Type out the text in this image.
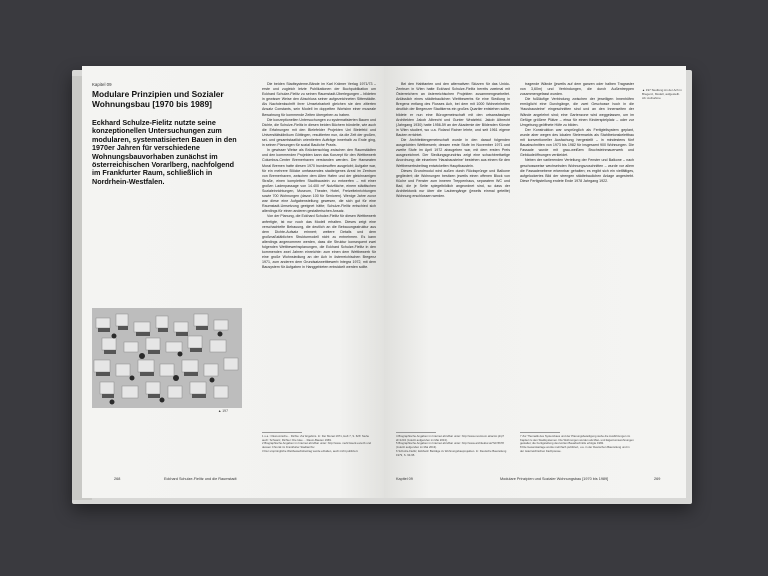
Kapitel 09
Modulare Prinzipien und Sozialer Wohnungsbau [1970 bis 1989]
Eckhard Schulze-Fielitz nutzte seine konzeptionellen Untersuchungen zum modularen, systematisierten Bauen in den 1970er Jahren für verschiedene Wohnungsbauvorhaben zunächst im österreichischen Vorarlberg, nachfolgend im Frankfurter Raum, schließlich in Nordrhein-Westfalen.
▲ 197

Die beiden Stadtsysteme-Bände im Karl Krämer Verlag 1971/73 – erste und zugleich letzte Publikationen der Buchpublikation um Eckhard Schulze-Fielitz zu seinen Raumstadt-Überlegungen – bildeten in gewisser Weise den Abschluss seiner aufgezeichneten Sitterstädte. Als Nachdenkschrift ihrer Umsetzbarkeit gleichen sie den zitierten Ansatz Constants, sein Modell im doppelten Wortsinn einer museale Bewahrung für kommende Zeiten übergeben zu haben.

Die konzeptionellen Untersuchungen zu systematisierten Bauen und Dichte, die Schulze-Fielitz in diesen beiden Büchern bündelte, wie auch die Erfahrungen mit den Bielefelder Projekten Uni Bielefeld und Universitätsklinikum Göttingen, resultierten nun, da die Zeit der großen, sei- und gesamtstaatlich orientierten Aufträge innerhalb zu Ende ging, in seinen Planungen für sozial Bauliche Praxis.

In gewisser Weise als Brückenschlag zwischen den Raumstädten und den kommenden Projekten kann das Konzept für den Wettbewerb Columbus-Center Bremerhaven verstanden werden. Der Hanseaten Moral Bremen hatte diesen 1970 bundesoffen ausgelobt; Aufgabe war, für ein mehrere Blöcke umfassendes stadteigenes Areal im Zentrum von Bremerhaven, zwischen dem Alten Hafen und der gleichnamigen Straße, einen kompletten Stadtbaustein zu entwerfen – mit einer großen Ladenpassage von 14.400 m² Nutzfläche, einem städtischen Sozialeinrichtungen, Museum, Theater, Hotel, Freizeiteinrichtungen sowie 700 Wohnungen (davon 100 für Senioren). Wenige Jahre zuvor war diese eine Aufgabenstellung gewesen, die sich gut für eine Raumstadt-Umsetzung geeignet hätte; Schulze-Fielitz entschied sich allerdings für einen anderen gestalterischen Ansatz.

Von der Planung, die Eckhard Schulze-Fielitz für diesen Wettbewerb anfertigte, ist nur noch das Modell erhalten. Dieses zeigt eine verschachtelte Bebauung, die deutlich an die Bebauungsstruktur aus dem Dichte-Aufsatz erinnert; weitere Details und dem großmaßstäblichen Strukturmodell nicht zu entnehmen. Es kann allerdings angenommen werden, dass die Struktur konsequent zwei folgenden Wettbewerbsplanungen, die Eckhard Schulze-Fielitz in den kommenden zwei Jahren einreichte: zum einen dem Wettbewerb für eine große Wohnsiedlung an der Ach in österreichischen Bregenz 1971, zum anderen dem Grundsatzwettbewerb Integra 1972, mit dem Bausystem für Aufgaben in Hanggebieten entwickelt werden sollte.

1 u.a.: Ökonomische... Dichte: Zur Ergebnis. In: Der Monat 1971, Heft 7, S. 62ff. Siehe auch: Schwarz, Richter: Die Idee ... Raum-Bauten 1969.

2 Biographische Angaben im Internet abrufbar unter: http://www. mehrzweck.eu/ezb und dessen Chronik im Frankfurter Stadtarchiv.

3 Der ursprüngliche Wettbewerbsbeitrag wurde erhalten, auch nicht publiziert.

268	Eckhard Schulze-Fielitz und die Raumstadt

Bei den Habitanten und den alternativen Skizzen für das Unido-Zentrum in Wien hatte Eckhard Schulze-Fielitz bereits zweimal mit Österreichern an österreichischen Projekten zusammengearbeitet. Anlässlich eines städtebaulichen Wettbewerbs für eine Siedlung in Bregenz entlang des Flusses Ach, bei dem mit 1000 Wohneinheiten deutlich der Bregenzer Stadtkerns ein großes Quartier entstehen sollte, bildete er nun eine Bürogemeinschaft mit den ortsansässigen Architekten Jakob Albrecht und Gunter Wratzfeld. Jakob Albrecht (Jahrgang 1930) hatte 1956-59 an der Akademie der Bildenden Künste in Wien studiert, wo u.a. Roland Rainer lehrte, und seit 1961 eigene Bauten errichtet.

Die Architektengemeinschaft wurde in den darauf folgenden ausgelobten Wettbewerb; dessen erste Stufe im November 1971 und zweite Stufe im April 1972 abzugeben war, mit dem ersten Preis ausgezeichnet. Der Siedlungsgrundriss zeigt eine schachbrettartige Anordnung; die einzelnen 'Hausbausteine' bestehen aus einem für den Wettbewerbsbeitrag entwickelten Hauptbaustein.

Dieses Grundmodul wird außen durch Rücksprünge und Balkone gegliedert; die Wohnungen besitzen jeweils einen offenen Block von Küche und Fenster zum inneren Treppenhaus, separatem WC und Bad, die je Seite spiegelbildlich angeordnet sind, so dass der Architektonik nur über die Laubengänge (jeweils einmal geteilte) Wohnung erschlossen werden.

tragende Wände (jeweils auf dem ganzen oder halben Tragraster von 3,60m) und Verbindungen, die durch Außentreppen zusammengefasst wurden.

Die fußläufige Verbindung zwischen der jeweiligen Innenhöfen ermöglicht eine Durchgänge, die zwei Geschosse hoch in die 'Hausbausteine' eingeschnitten sind und an den Innenseiten der Wände angelehnt sind; eine Gartenzone wird weggelassen, um im Gefüge größere Plätze – etwa für einen Kinderspielplatz – oder zur Umgebung geöffnete Höfe zu bilden.

Der Konstruktion war ursprünglich als Fertigteilsystem geplant, wurde aber wegen des lokalen Steiermarkts als Stahlbetonskelettbau mit konventioneller Ausfachung hergestellt – in mindestens fünf Bauabschnitten von 1973 bis 1982 für insgesamt 900 Wohnungen. Die Fassade wurde mit grau-weißem Bruchsteinmauerwerk und Gebäudeöffnungen verkleidet.

Neben der variierenden Verteilung der Fenster und Balkone – nach geschossweise wechselnden Wohnungszuschnitten – wurde vor allem die Fassadenebene erkennbar gehalten; es ergibt sich ein vielfältiges, aufgelockertes Bild der strengen städtebaulichen Anlage angestrebt. Diese Fertigstellung endete Ende 1978 Jahrgang 1922.

▲ 197 Siedlung An der Ach in Bregenz, Modell, aufgestellt. Ab: Aufnahme

4 Biographische Angaben im Internet abrufbar unter: http://www.nextroom.at/actor.php?id=1234 (zuletzt aufgerufen im Mai 2013).

5 Biographische Angaben im Internet abrufbar unter: http://www.architektur.at/?id=5678 (zuletzt aufgerufen im Mai 2013).

6 Schulze-Fielitz, Eckhard: Beiträge zu Wohnungsbauprojekten. In: Deutsche Bauzeitung 1979, S. 93-95.

7 Zur Thematik des Systembaus und der Planungsbeteiligung siehe die Ausführungen im Kapitel zu den Stadtsystemen. Die Wohnungen wurden als Miet- und Eigentumswohnungen gestaltet; die Fertigstellung des letzten Bauabschnitts erfolgte 1982.

8 Die Gesamtanlage wurde mehrfach publiziert, u.a. in der Deutschen Bauzeitung und in der österreichischen Fachpresse.

Kapitel 09	Modulare Prinzipien und Sozialer Wohnungsbau [1970 bis 1989]	269
